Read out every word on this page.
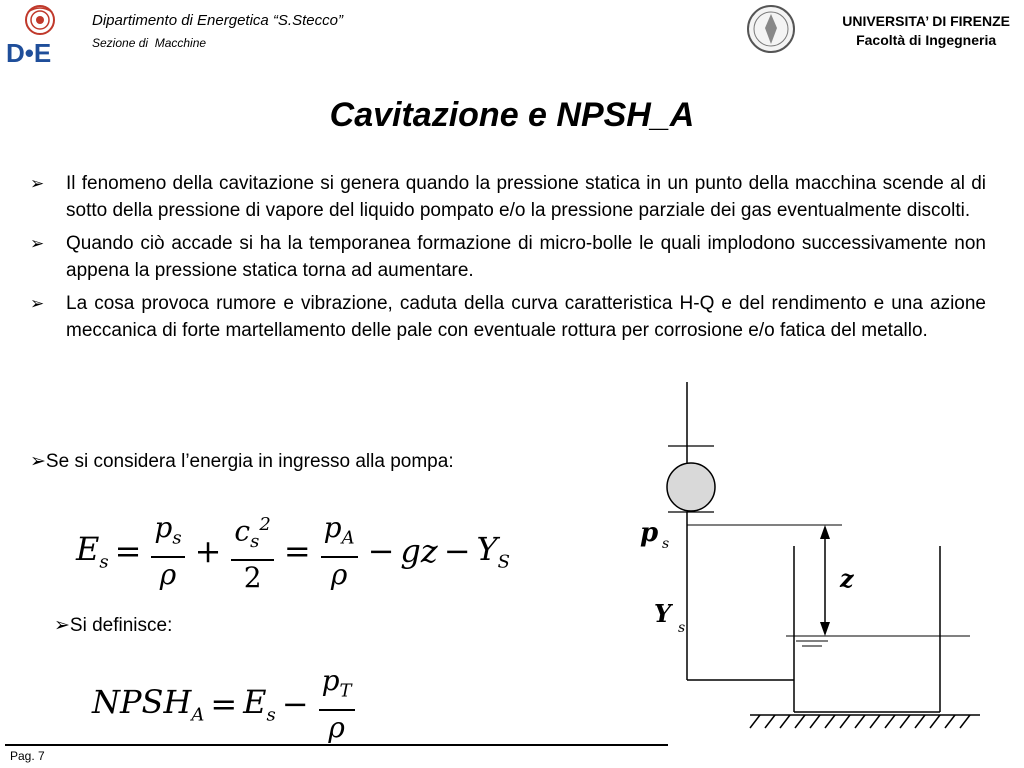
D•E
Dipartimento di Energetica “S.Stecco”
Sezione di  Macchine
UNIVERSITA’ DI FIRENZE
Facoltà di Ingegneria
Cavitazione e NPSH_A
➢ Il fenomeno della cavitazione si genera quando la pressione statica in un punto della macchina scende al di sotto della pressione di vapore del liquido pompato e/o la pressione parziale dei gas eventualmente discolti.
➢ Quando ciò accade si ha la temporanea formazione di micro-bolle le quali implodono successivamente non appena la pressione statica torna ad aumentare.
➢ La cosa provoca rumore e vibrazione, caduta della curva caratteristica H-Q e del rendimento e una azione meccanica di forte martellamento delle pale con eventuale rottura per corrosione e/o fatica del metallo.
➢Se si considera l’energia in ingresso alla pompa:
$E_s = \frac{p_s}{\rho} + \frac{c_s^2}{2} = \frac{p_A}{\rho}$ − gz − $Y_S$
➢Si definisce:
$NPSH_A = E_s - \frac{p_T}{\rho}$
p s
z
Y s
Pag. 7
